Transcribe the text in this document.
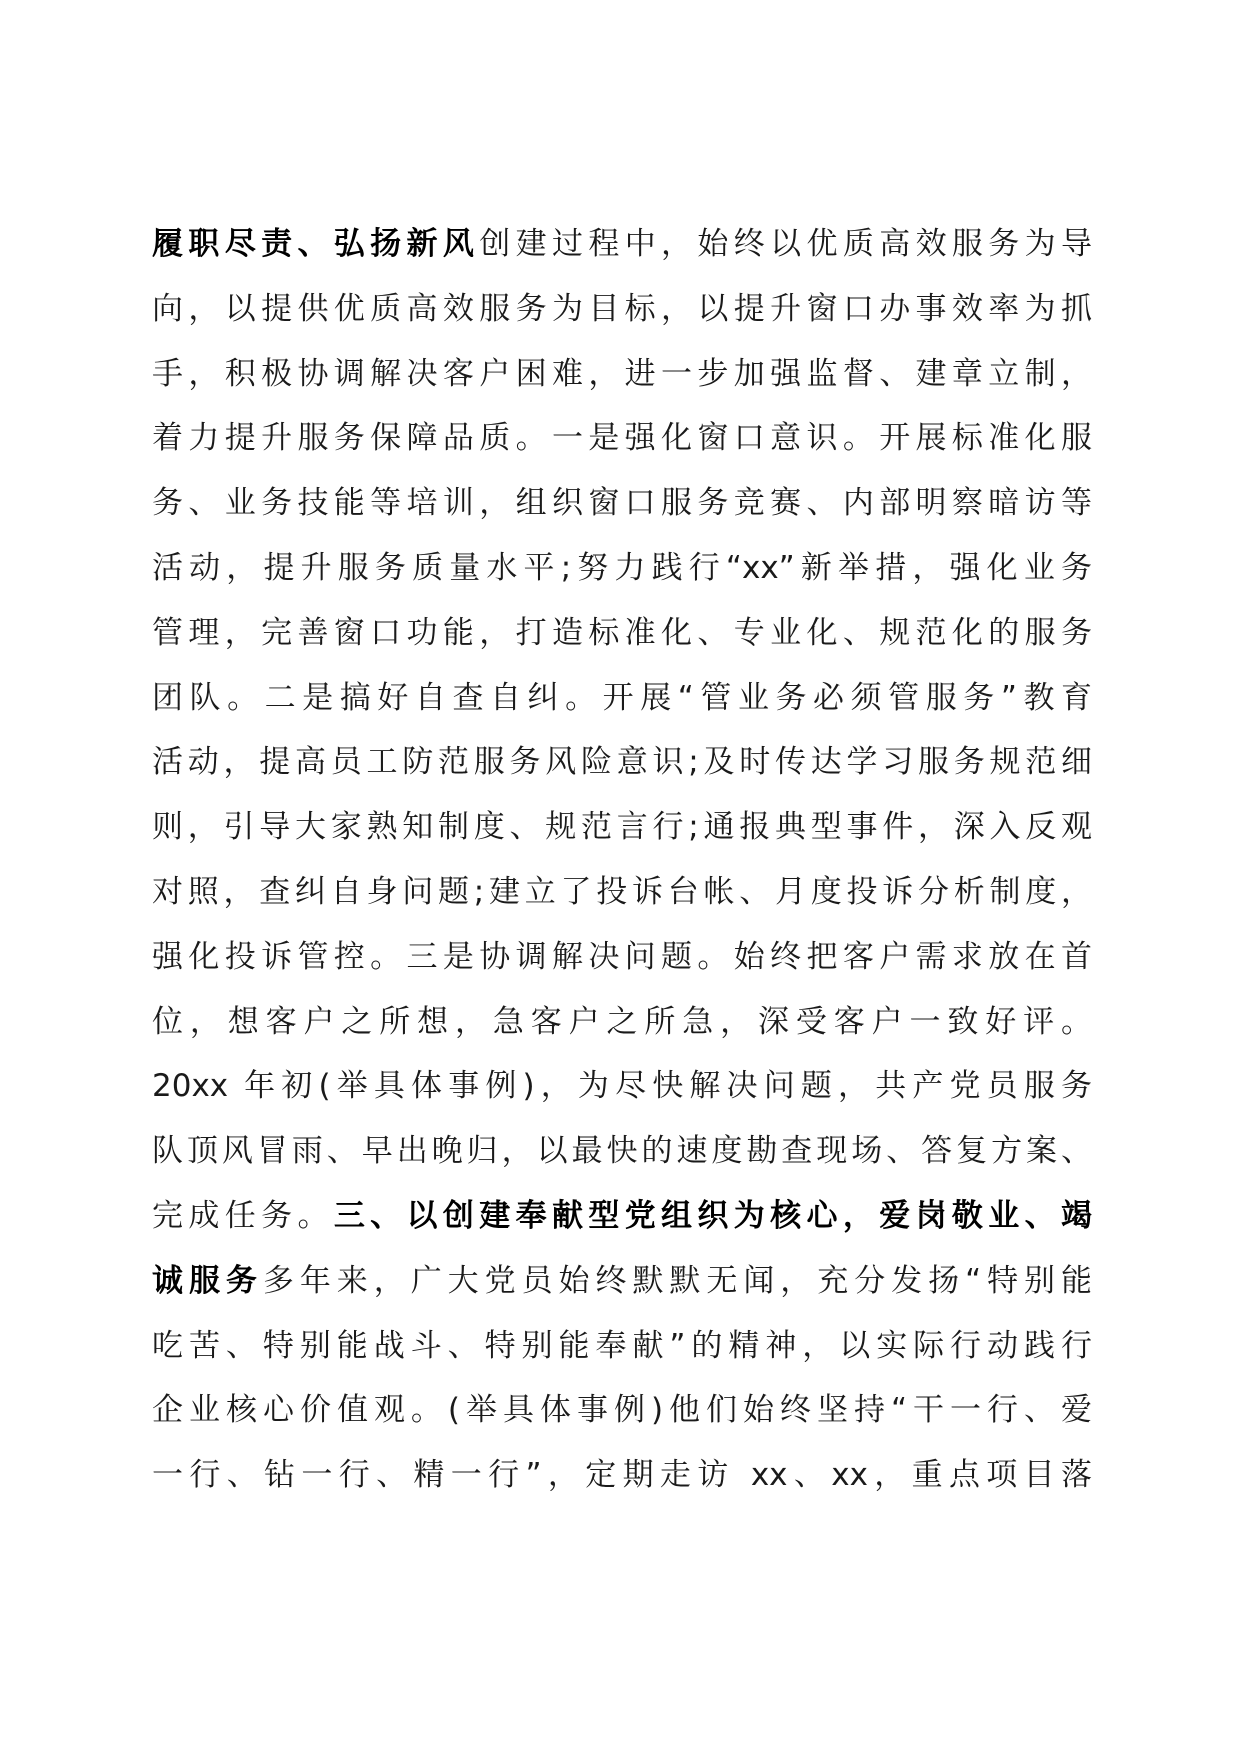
履职尽责、弘扬新风创建过程中，始终以优质高效服务为导
向，以提供优质高效服务为目标，以提升窗口办事效率为抓
手，积极协调解决客户困难，进一步加强监督、建章立制，
着力提升服务保障品质。一是强化窗口意识。开展标准化服
务、业务技能等培训，组织窗口服务竞赛、内部明察暗访等
活动，提升服务质量水平;努力践行“xx”新举措，强化业务
管理，完善窗口功能，打造标准化、专业化、规范化的服务
团队。二是搞好自查自纠。开展“管业务必须管服务”教育
活动，提高员工防范服务风险意识;及时传达学习服务规范细
则，引导大家熟知制度、规范言行;通报典型事件，深入反观
对照，查纠自身问题;建立了投诉台帐、月度投诉分析制度，
强化投诉管控。三是协调解决问题。始终把客户需求放在首
位，想客户之所想，急客户之所急，深受客户一致好评。
20xx 年初(举具体事例)，为尽快解决问题，共产党员服务
队顶风冒雨、早出晚归，以最快的速度勘查现场、答复方案、
完成任务。三、以创建奉献型党组织为核心，爱岗敬业、竭
诚服务多年来，广大党员始终默默无闻，充分发扬“特别能
吃苦、特别能战斗、特别能奉献”的精神，以实际行动践行
企业核心价值观。(举具体事例)他们始终坚持“干一行、爱
一行、钻一行、精一行”，定期走访 xx、xx，重点项目落
